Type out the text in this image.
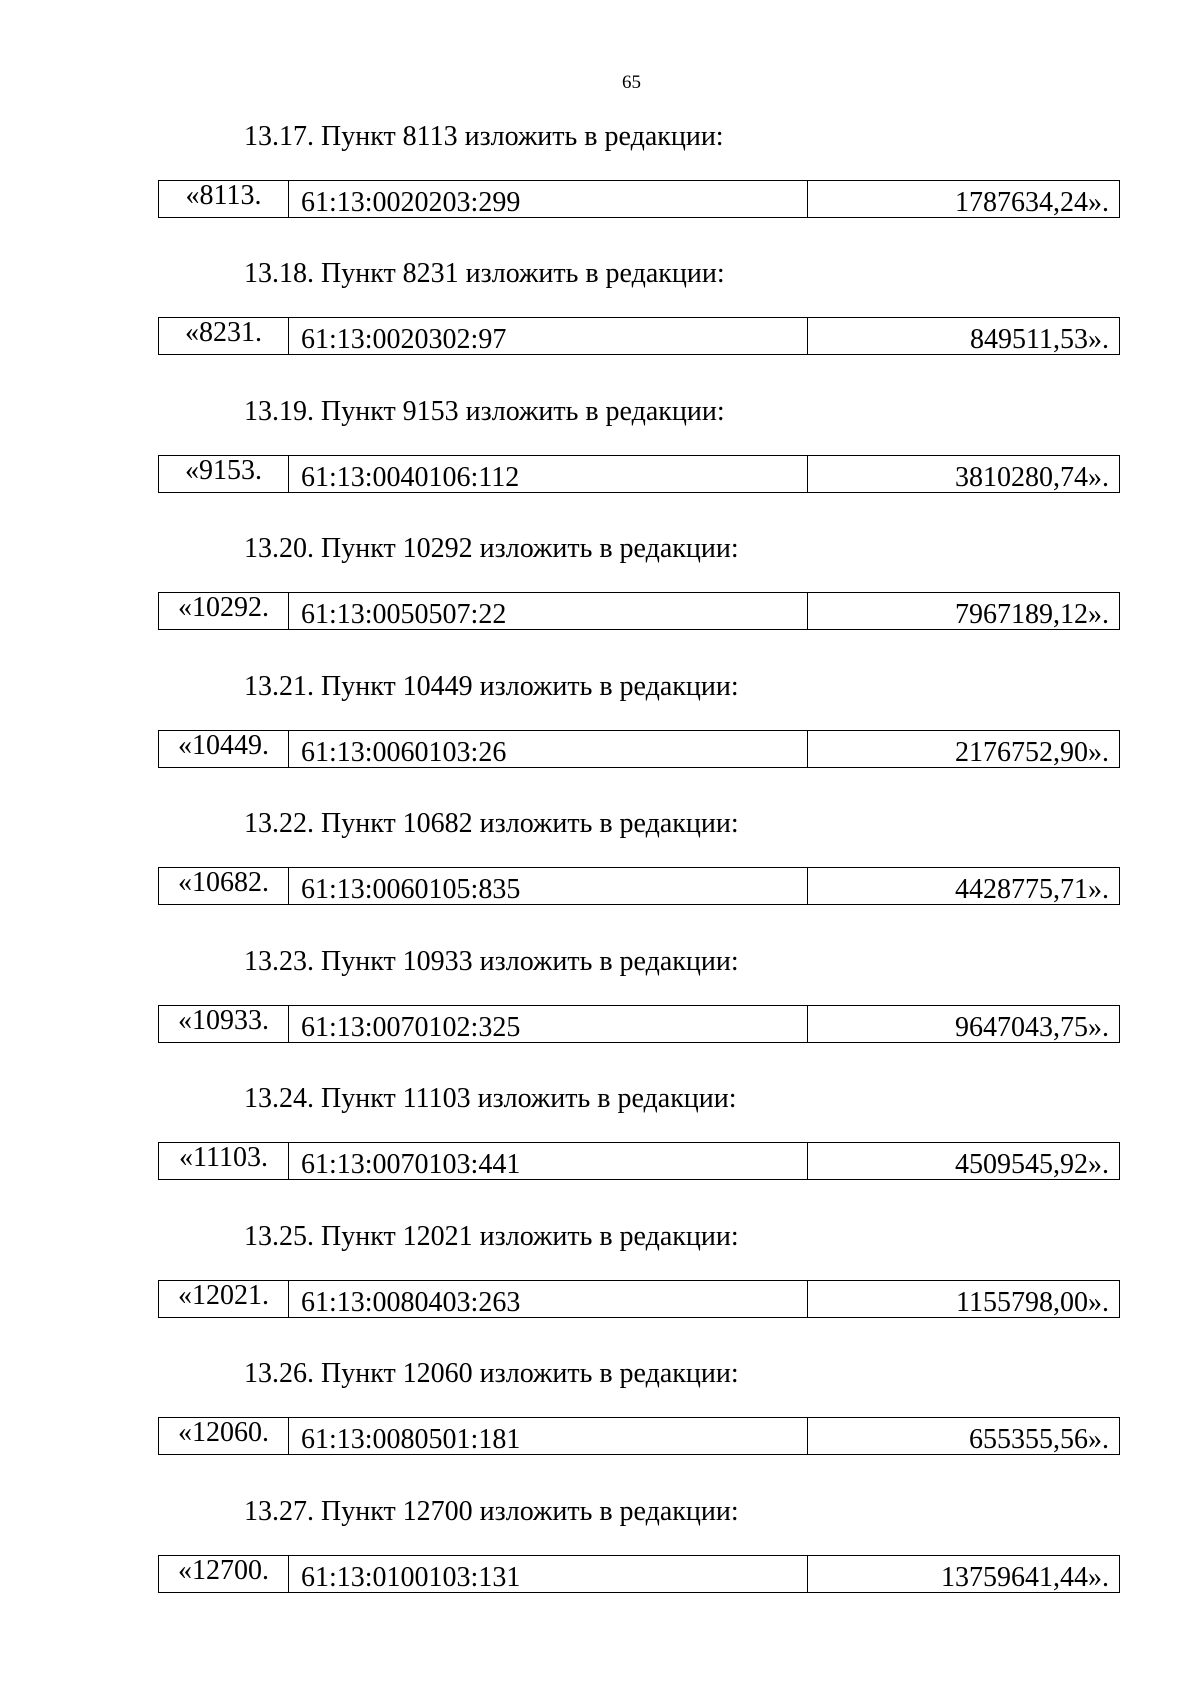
65
13.17. Пункт 8113 изложить в редакции:
«8113.	61:13:0020203:299	1787634,24».
13.18. Пункт 8231 изложить в редакции:
«8231.	61:13:0020302:97	849511,53».
13.19. Пункт 9153 изложить в редакции:
«9153.	61:13:0040106:112	3810280,74».
13.20. Пункт 10292 изложить в редакции:
«10292.	61:13:0050507:22	7967189,12».
13.21. Пункт 10449 изложить в редакции:
«10449.	61:13:0060103:26	2176752,90».
13.22. Пункт 10682 изложить в редакции:
«10682.	61:13:0060105:835	4428775,71».
13.23. Пункт 10933 изложить в редакции:
«10933.	61:13:0070102:325	9647043,75».
13.24. Пункт 11103 изложить в редакции:
«11103.	61:13:0070103:441	4509545,92».
13.25. Пункт 12021 изложить в редакции:
«12021.	61:13:0080403:263	1155798,00».
13.26. Пункт 12060 изложить в редакции:
«12060.	61:13:0080501:181	655355,56».
13.27. Пункт 12700 изложить в редакции:
«12700.	61:13:0100103:131	13759641,44».
